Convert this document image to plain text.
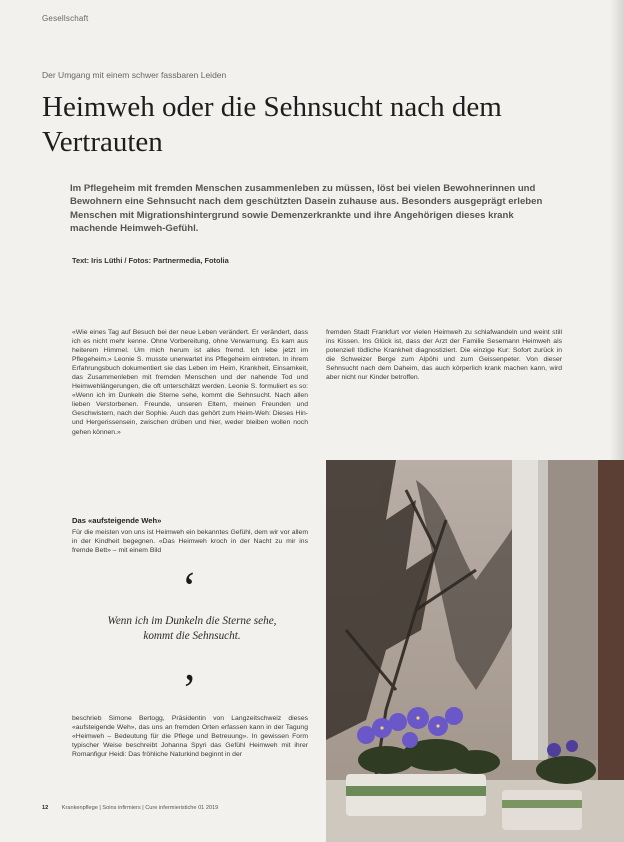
Gesellschaft
Der Umgang mit einem schwer fassbaren Leiden
Heimweh oder die Sehnsucht nach dem Vertrauten

Im Pflegeheim mit fremden Menschen zusammenleben zu müssen, löst bei vielen Bewohnerinnen und Bewohnern eine Sehnsucht nach dem geschützten Dasein zuhause aus. Besonders ausgeprägt erleben Menschen mit Migrationshintergrund sowie Demenzerkrankte und ihre Angehörigen dieses krank machende Heimweh-Gefühl.

Text: Iris Lüthi / Fotos: Partnermedia, Fotolia

«Wie eines Tag auf Besuch bei der neue Leben verändert. Er verändert, dass ich es nicht mehr kenne. Ohne Vorbereitung, ohne Verwarnung. Es kam aus heiterem Himmel. Um mich herum ist alles fremd. Ich lebe jetzt im Pflegeheim.» Leonie S. musste unerwartet ins Pflegeheim eintreten. In ihrem Erfahrungsbuch dokumentiert sie das Leben im Heim, Krankheit, Einsamkeit, das Zusammenleben mit fremden Menschen und der nahende Tod und Heimwehlängerungen, die oft unterschätzt werden. Leonie S. formuliert es so: «Wenn ich im Dunkeln die Sterne sehe, kommt die Sehnsucht. Nach allen lieben Verstorbenen. Freunde, unseren Eltern, meinen Freunden und Geschwistern, nach der Sophie. Auch das gehört zum Heim-Weh: Dieses Hin- und Hergerissensein, zwischen drüben und hier, weder bleiben wollen noch gehen können.»

Das «aufsteigende Weh»

Für die meisten von uns ist Heimweh ein bekanntes Gefühl, dem wir vor allem in der Kindheit begegnen. «Das Heimweh kroch in der Nacht zu mir ins fremde Bett» – mit einem Bild

‘

Wenn ich im Dunkeln die Sterne sehe, kommt die Sehnsucht.

’

beschrieb Simone Bertogg, Präsidentin von Langzeitschweiz dieses «aufsteigende Weh», das uns an fremden Orten erfassen kann in der Tagung «Heimweh – Bedeutung für die Pflege und Betreuung». In gewissen Form typischer Weise beschreibt Johanna Spyri das Gefühl Heimweh mit ihrer Romanfigur Heidi: Das fröhliche Naturkind beginnt in der

fremden Stadt Frankfurt vor vielen Heimweh zu schlafwandeln und weint still ins Kissen. Ins Glück ist, dass der Arzt der Familie Sesemann Heimweh als potenziell tödliche Krankheit diagnostiziert. Die einzige Kur: Sofort zurück in die Schweizer Berge zum Alpöhi und zum Geissenpeter. Von dieser Sehnsucht nach dem Daheim, das auch körperlich krank machen kann, wird aber nicht nur Kinder betroffen.

12 Krankenpflege | Soins infirmiers | Cure infermieristiche 01 2019
